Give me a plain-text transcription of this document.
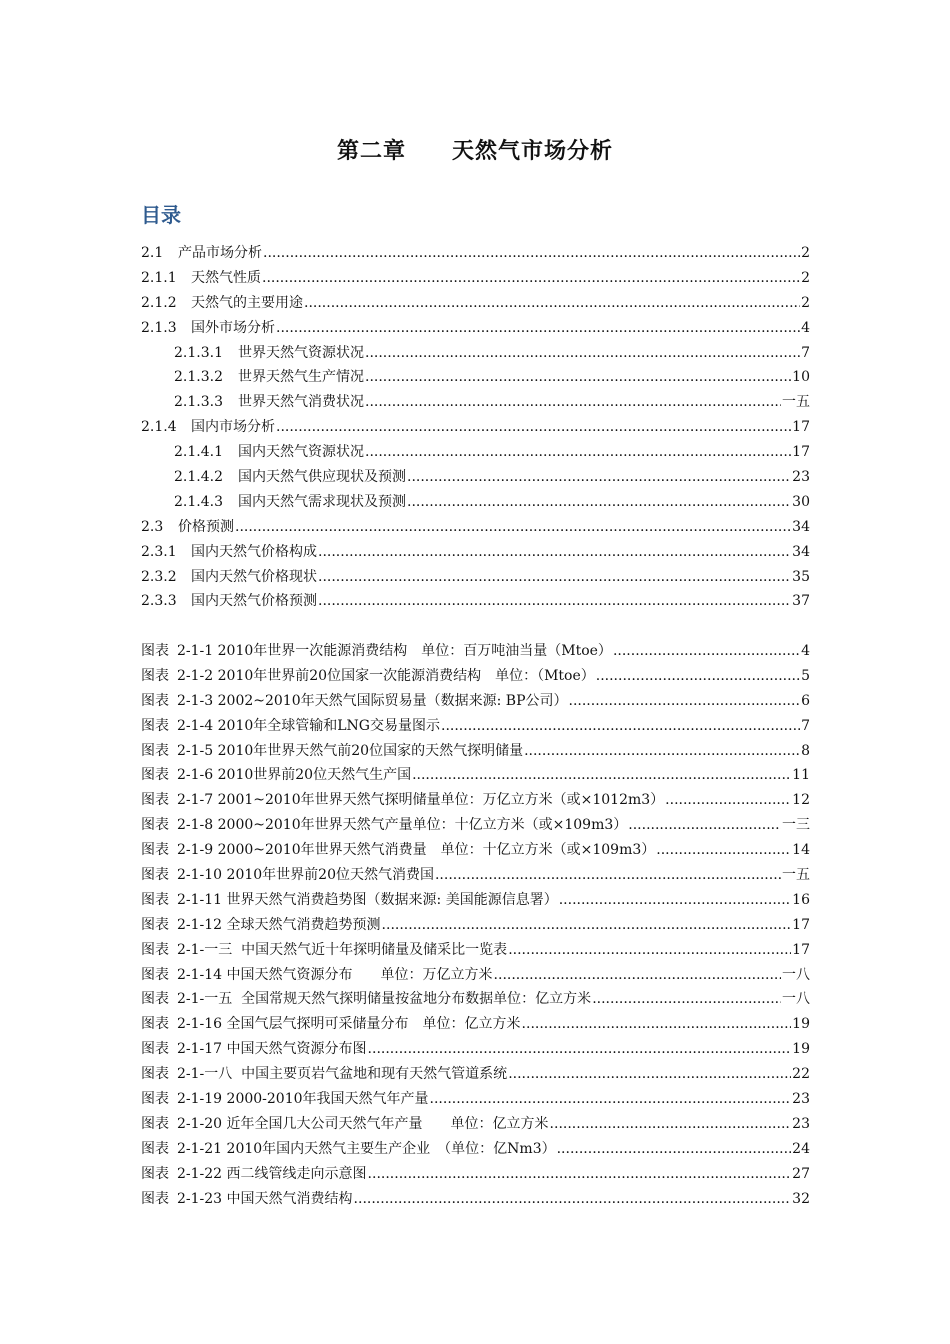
第二章　　天然气市场分析
目录
2.1	产品市场分析 .....	2
2.1.1	天然气性质 .....	2
2.1.2	天然气的主要用途 .....	2
2.1.3	国外市场分析 .....	4
2.1.3.1	世界天然气资源状况 .....	7
2.1.3.2	世界天然气生产情况 .....	10
2.1.3.3	世界天然气消费状况 .....	一五
2.1.4	国内市场分析 .....	17
2.1.4.1	国内天然气资源状况 .....	17
2.1.4.2	国内天然气供应现状及预测 .....	23
2.1.4.3	国内天然气需求现状及预测 .....	30
2.3	价格预测 .....	34
2.3.1	国内天然气价格构成 .....	34
2.3.2	国内天然气价格现状 .....	35
2.3.3	国内天然气价格预测 .....	37
图表 2-1-1 2010年世界一次能源消费结构　单位：百万吨油当量（Mtoe） .....	4
图表 2-1-2 2010年世界前20位国家一次能源消费结构　单位：（Mtoe） .....	5
图表 2-1-3 2002~2010年天然气国际贸易量（数据来源: BP公司） .....	6
图表 2-1-4 2010年全球管输和LNG交易量图示 .....	7
图表 2-1-5 2010年世界天然气前20位国家的天然气探明储量 .....	8
图表 2-1-6 2010世界前20位天然气生产国 .....	11
图表 2-1-7 2001~2010年世界天然气探明储量单位：万亿立方米（或×1012m3） .....	12
图表 2-1-8 2000~2010年世界天然气产量单位：十亿立方米（或×109m3） .....	一三
图表 2-1-9 2000~2010年世界天然气消费量　单位：十亿立方米（或×109m3） .....	14
图表 2-1-10 2010年世界前20位天然气消费国 .....	一五
图表 2-1-11 世界天然气消费趋势图（数据来源: 美国能源信息署） .....	16
图表 2-1-12 全球天然气消费趋势预测 .....	17
图表 2-1-一三  中国天然气近十年探明储量及储采比一览表 .....	17
图表 2-1-14 中国天然气资源分布　　单位：万亿立方米 .....	一八
图表 2-1-一五  全国常规天然气探明储量按盆地分布数据单位：亿立方米 .....	一八
图表 2-1-16 全国气层气探明可采储量分布　单位：亿立方米 .....	19
图表 2-1-17 中国天然气资源分布图 .....	19
图表 2-1-一八  中国主要页岩气盆地和现有天然气管道系统 .....	22
图表 2-1-19 2000-2010年我国天然气年产量 .....	23
图表 2-1-20 近年全国几大公司天然气年产量　　单位：亿立方米 .....	23
图表 2-1-21 2010年国内天然气主要生产企业　（单位：亿Nm3） .....	24
图表 2-1-22 西二线管线走向示意图 .....	27
图表 2-1-23 中国天然气消费结构 .....	32
